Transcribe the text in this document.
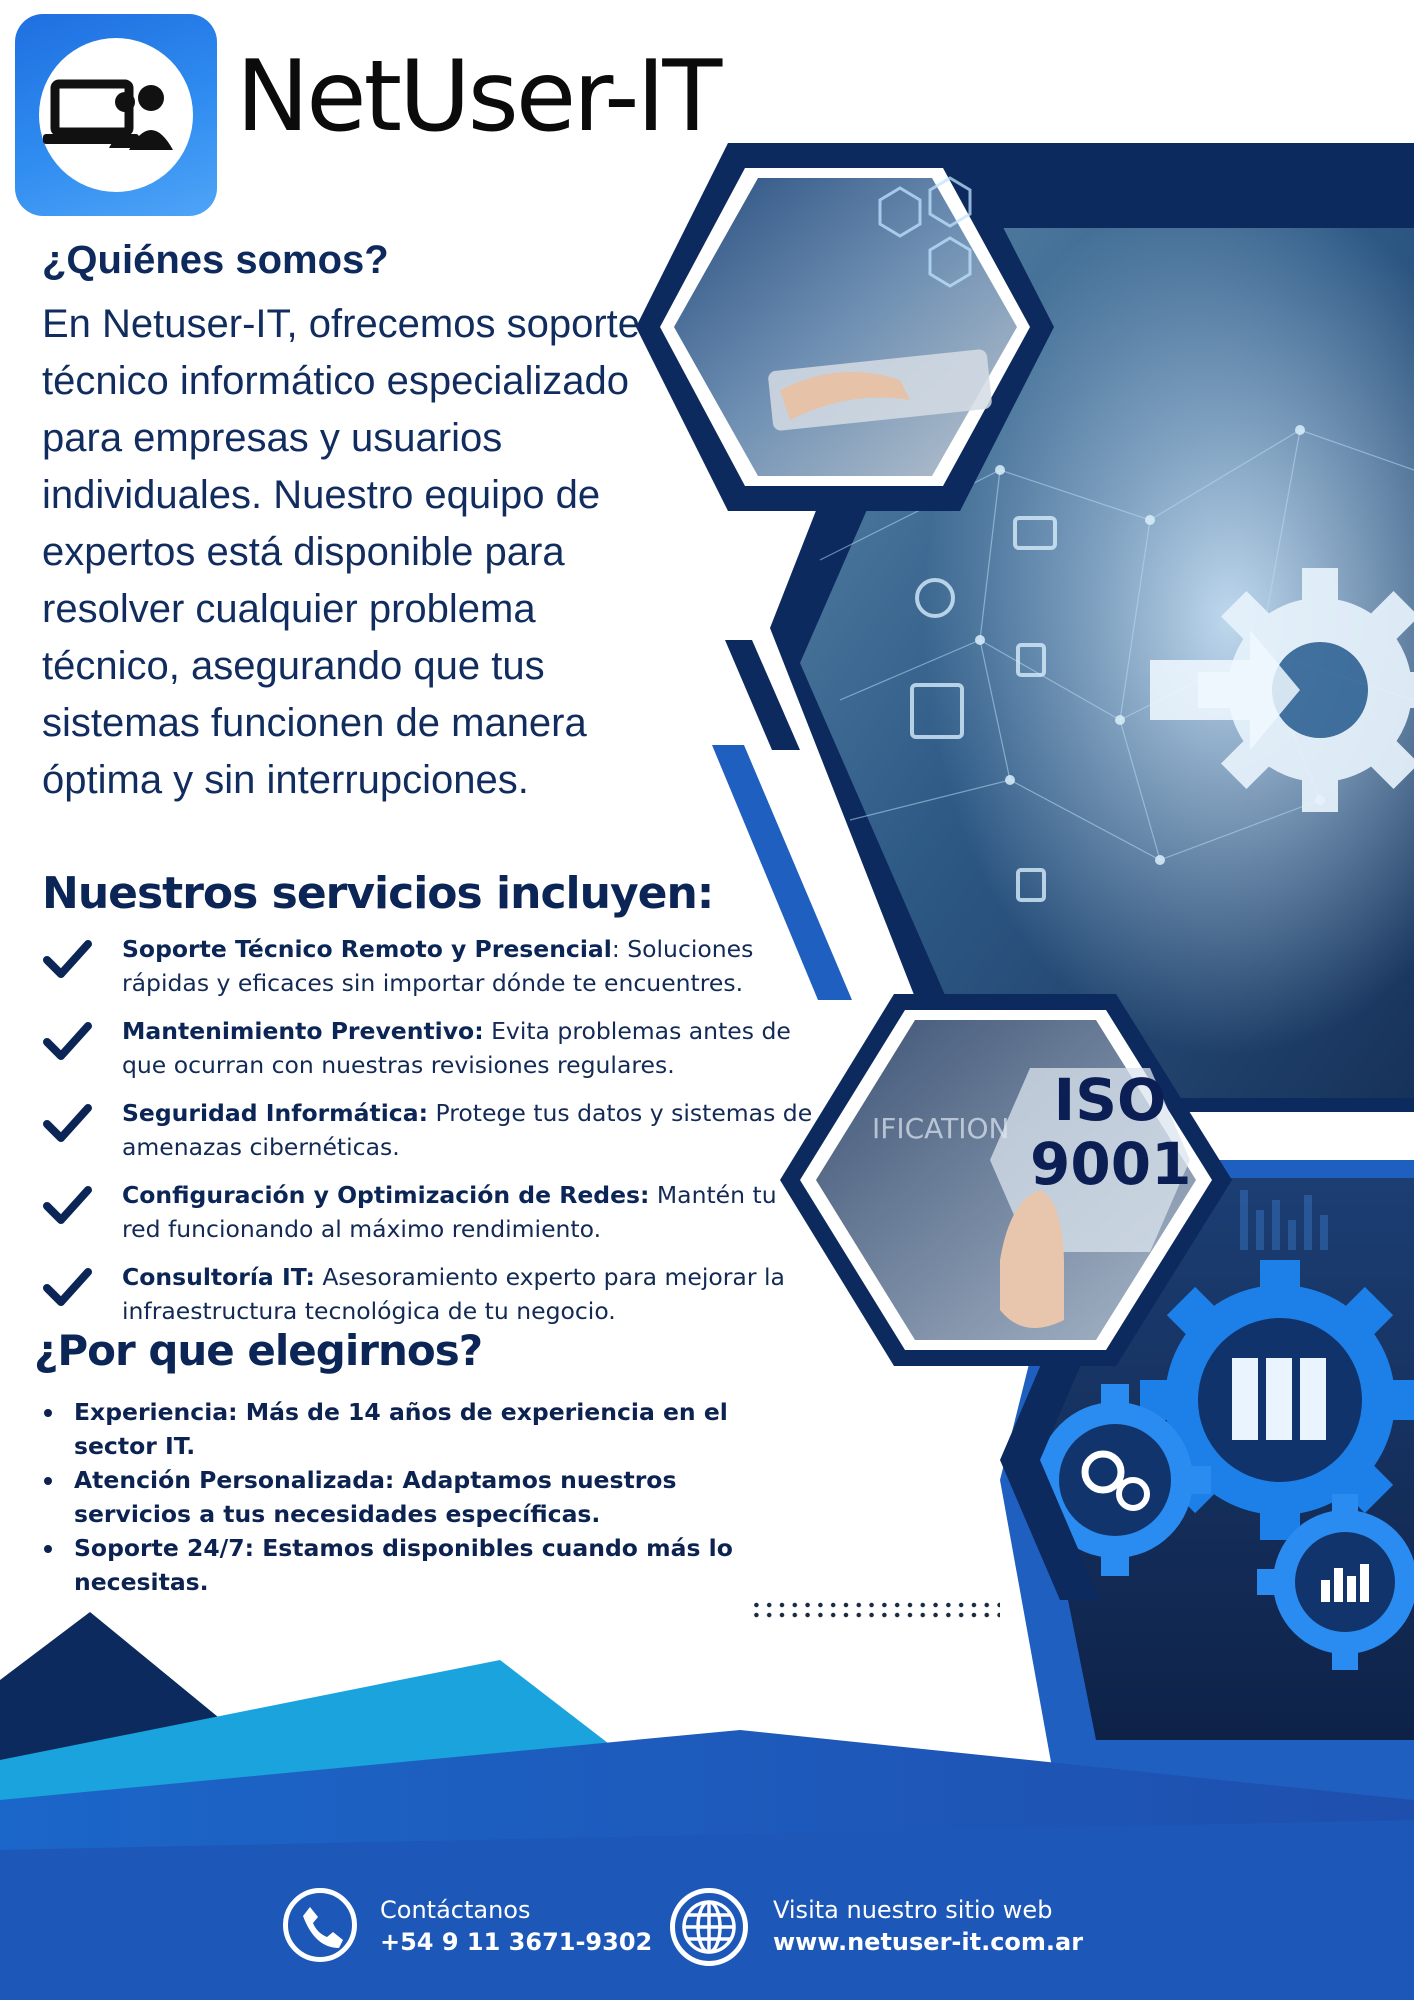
NetUser-IT
ISO
9001
IFICATION
¿Quiénes somos?

En Netuser-IT, ofrecemos soporte técnico informático especializado para empresas y usuarios individuales. Nuestro equipo de expertos está disponible para resolver cualquier problema técnico, asegurando que tus sistemas funcionen de manera óptima y sin interrupciones.

Nuestros servicios incluyen:
Soporte Técnico Remoto y Presencial: Soluciones rápidas y eficaces sin importar dónde te encuentres.
Mantenimiento Preventivo: Evita problemas antes de que ocurran con nuestras revisiones regulares.
Seguridad Informática: Protege tus datos y sistemas de amenazas cibernéticas.
Configuración y Optimización de Redes: Mantén tu red funcionando al máximo rendimiento.
Consultoría IT: Asesoramiento experto para mejorar la infraestructura tecnológica de tu negocio.
¿Por que elegirnos?
Experiencia: Más de 14 años de experiencia en el sector IT.
Atención Personalizada: Adaptamos nuestros servicios a tus necesidades específicas.
Soporte 24/7: Estamos disponibles cuando más lo necesitas.
Contáctanos
+54 9 11 3671-9302
Visita nuestro sitio web
www.netuser-it.com.ar
